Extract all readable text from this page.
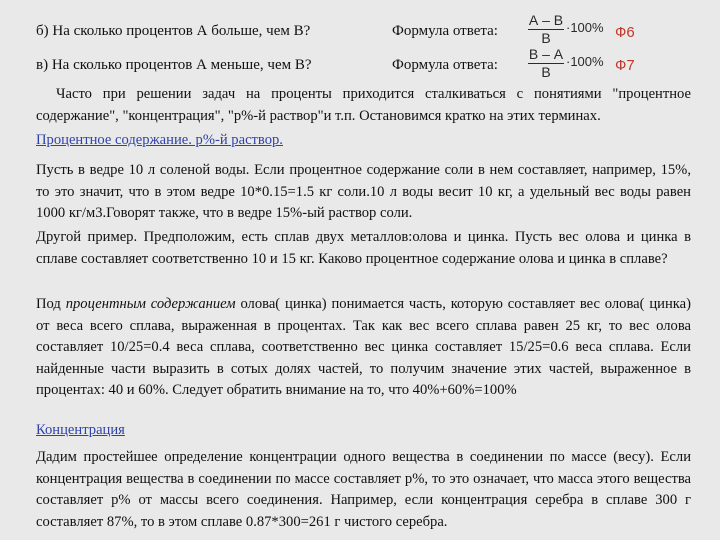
б) На сколько процентов А больше, чем В?	Формула ответа:
А – В
В
·100% Ф6
в) На сколько процентов А меньше, чем В?	Формула ответа:
В – А
В
·100% Ф7
Часто при решении задач на проценты приходится сталкиваться с понятиями "процентное содержание", "концентрация", "р%-й раствор"и т.п. Остановимся кратко на этих терминах.
Процентное содержание. р%-й раствор.
Пусть в ведре 10 л соленой воды. Если процентное содержание соли в нем составляет, например, 15%, то это значит, что в этом ведре 10*0.15=1.5 кг соли.10 л воды весит 10 кг, а удельный вес воды равен 1000 кг/м3.Говорят также, что в ведре 15%-ый раствор соли.
Другой пример. Предположим, есть сплав двух металлов:олова и цинка. Пусть вес олова и цинка в сплаве составляет соответственно 10 и 15 кг. Каково процентное содержание олова и цинка в сплаве?
Под процентным содержанием олова( цинка) понимается часть, которую составляет вес олова( цинка) от веса всего сплава, выраженная в процентах. Так как вес всего сплава равен 25 кг, то вес олова составляет 10/25=0.4 веса сплава, соответственно вес цинка составляет 15/25=0.6 веса сплава. Если найденные части выразить в сотых долях частей, то получим значение этих частей, выраженное в процентах: 40 и 60%. Следует обратить внимание на то, что 40%+60%=100%
Концентрация
Дадим простейшее определение концентрации одного вещества в соединении по массе (весу). Если концентрация вещества в соединении по массе составляет р%, то это означает, что масса этого вещества составляет р% от массы всего соединения. Например, если концентрация серебра в сплаве 300 г составляет 87%, то в этом сплаве 0.87*300=261 г чистого серебра.
